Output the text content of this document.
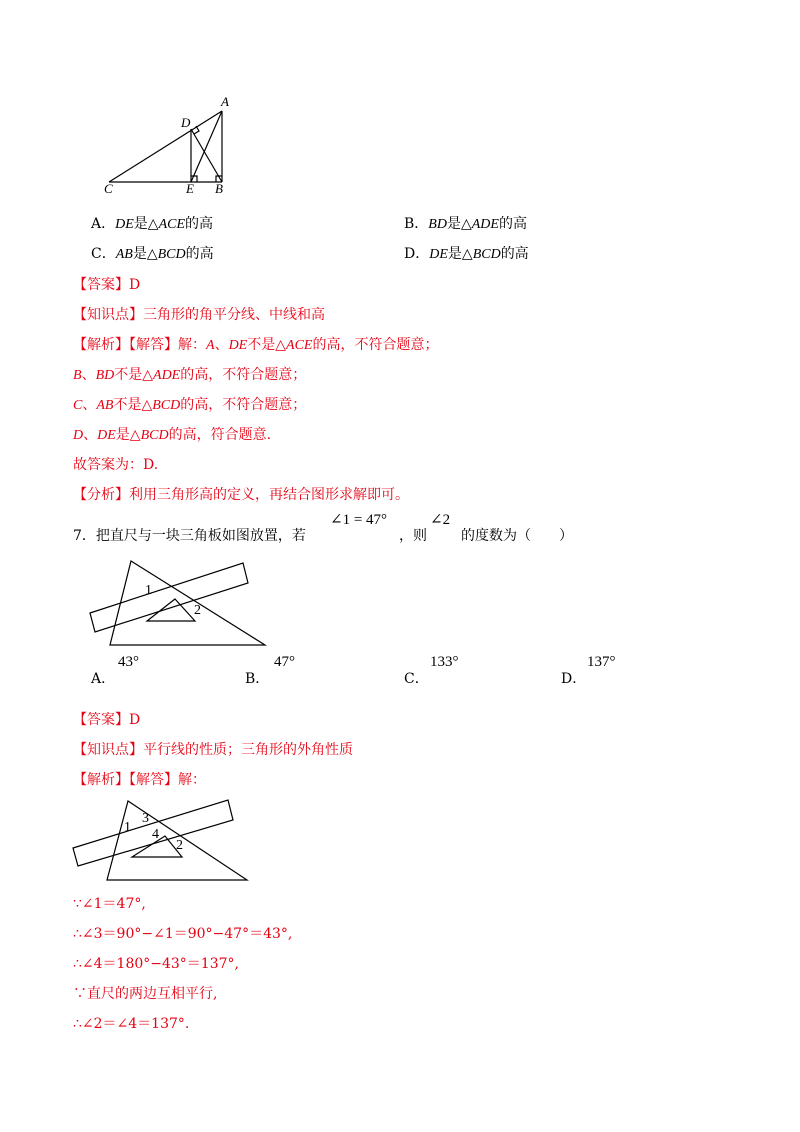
A
D
C	E B
A．DE是△ACE的高	B．BD是△ADE的高
C．AB是△BCD的高	D．DE是△BCD的高
【答案】D
【知识点】三角形的角平分线、中线和高
【解析】【解答】解：A、DE不是△ACE的高，不符合题意；
B、BD不是△ADE的高，不符合题意；
C、AB不是△BCD的高，不符合题意；
D、DE是△BCD的高，符合题意.
故答案为：D.
【分析】利用三角形高的定义，再结合图形求解即可。
7．把直尺与一块三角板如图放置，若
∠1 = 47°
，则
∠2
的度数为（　　）
1
2
A．
43°
B．
47°
C．
133°
D．
137°
【答案】D
【知识点】平行线的性质；三角形的外角性质
【解析】【解答】解：
1
3
4
2
∵∠1＝47°,
∴∠3＝90°−∠1＝90°−47°＝43°,
∴∠4＝180°−43°＝137°,
∵直尺的两边互相平行,
∴∠2＝∠4＝137°.
